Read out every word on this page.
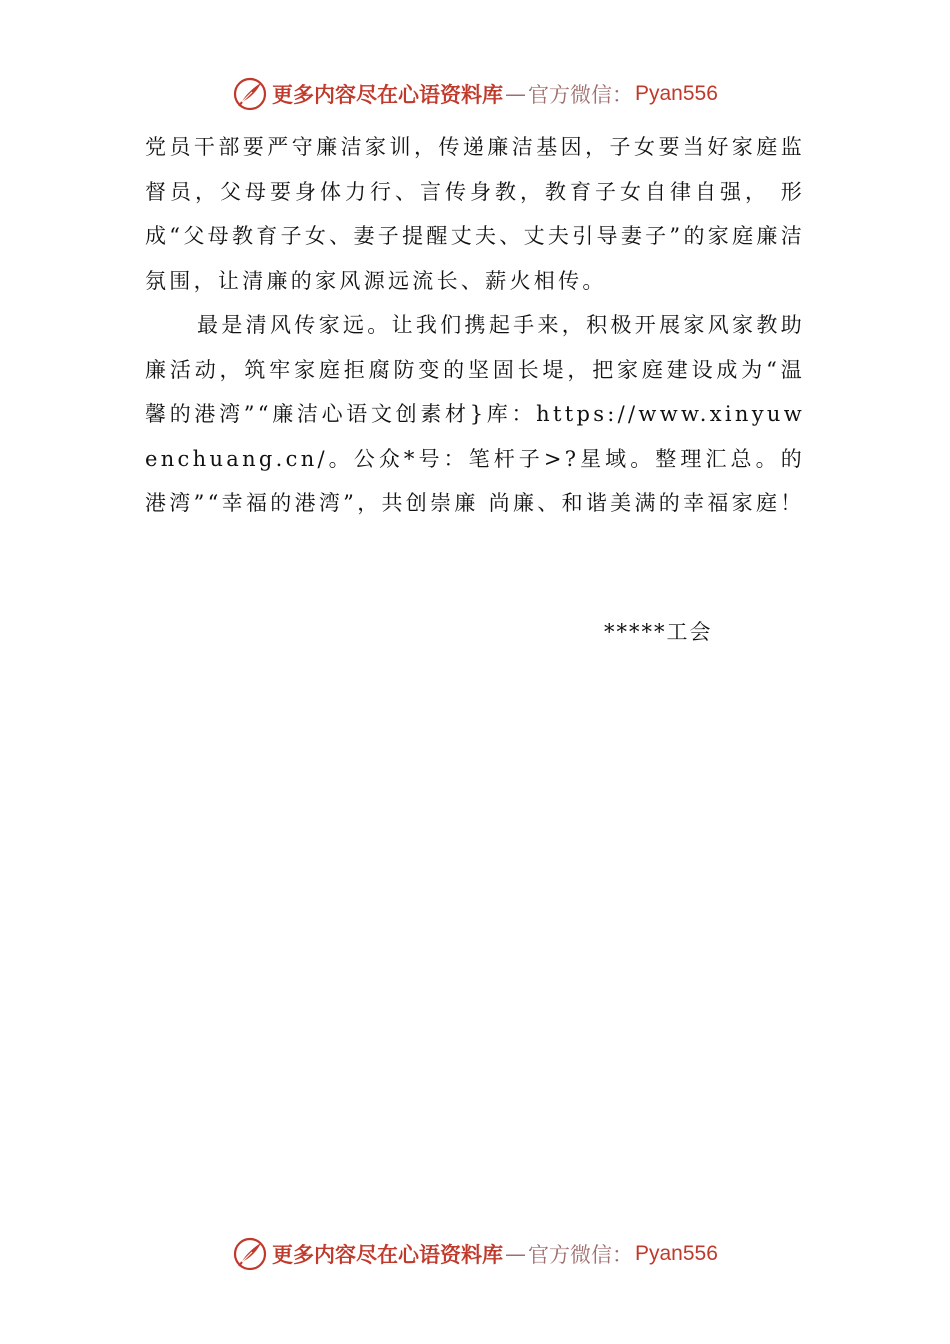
更多内容尽在心语资料库 — 官方微信： Pyan556

党员干部要严守廉洁家训，传递廉洁基因，子女要当好家庭监督员，父母要身体力行、言传身教，教育子女自律自强， 形成“父母教育子女、妻子提醒丈夫、丈夫引导妻子”的家庭廉洁氛围，让清廉的家风源远流长、薪火相传。

最是清风传家远。让我们携起手来，积极开展家风家教助廉活动，筑牢家庭拒腐防变的坚固长堤，把家庭建设成为“温馨的港湾”“廉洁心语文创素材}库：https://www.xinyuwenchuang.cn/。公众*号：笔杆子>?星域。整理汇总。的港湾”“幸福的港湾”，共创崇廉 尚廉、和谐美满的幸福家庭！

*****工会
更多内容尽在心语资料库 — 官方微信： Pyan556
